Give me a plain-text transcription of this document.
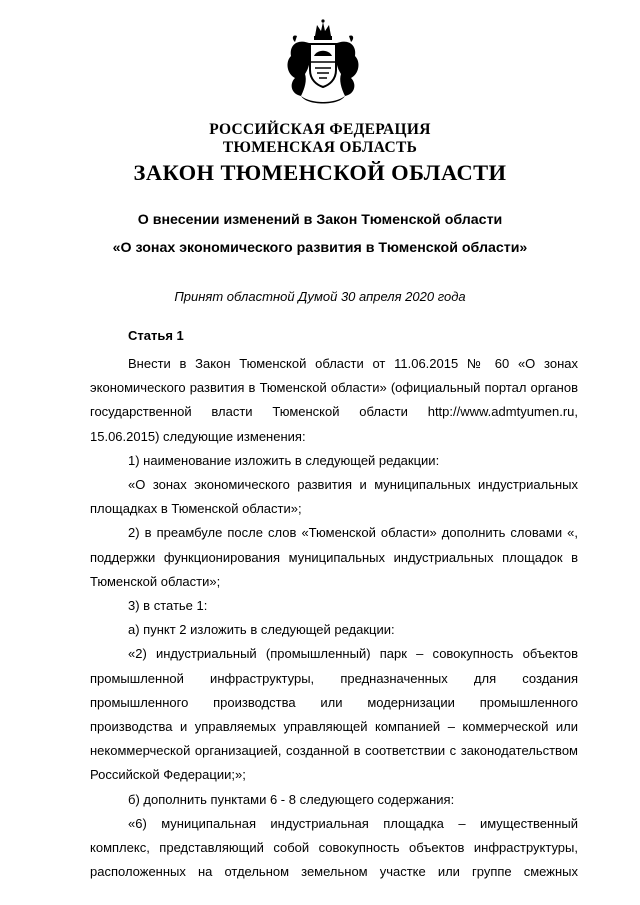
РОССИЙСКАЯ ФЕДЕРАЦИЯ
ТЮМЕНСКАЯ ОБЛАСТЬ
ЗАКОН ТЮМЕНСКОЙ ОБЛАСТИ
О внесении изменений в Закон Тюменской области
«О зонах экономического развития в Тюменской области»
Принят областной Думой 30 апреля 2020 года
Статья 1

Внести в Закон Тюменской области от 11.06.2015 № 60 «О зонах экономического развития в Тюменской области» (официальный портал органов государственной власти Тюменской области http://www.admtyumen.ru, 15.06.2015) следующие изменения:

1) наименование изложить в следующей редакции:

«О зонах экономического развития и муниципальных индустриальных площадках в Тюменской области»;

2) в преамбуле после слов «Тюменской области» дополнить словами «, поддержки функционирования муниципальных индустриальных площадок в Тюменской области»;

3) в статье 1:

а) пункт 2 изложить в следующей редакции:

«2) индустриальный (промышленный) парк – совокупность объектов промышленной инфраструктуры, предназначенных для создания промышленного производства или модернизации промышленного производства и управляемых управляющей компанией – коммерческой или некоммерческой организацией, созданной в соответствии с законодательством Российской Федерации;»;

б) дополнить пунктами 6 - 8 следующего содержания:

«6) муниципальная индустриальная площадка – имущественный комплекс, представляющий собой совокупность объектов инфраструктуры, расположенных на отдельном земельном участке или группе смежных
